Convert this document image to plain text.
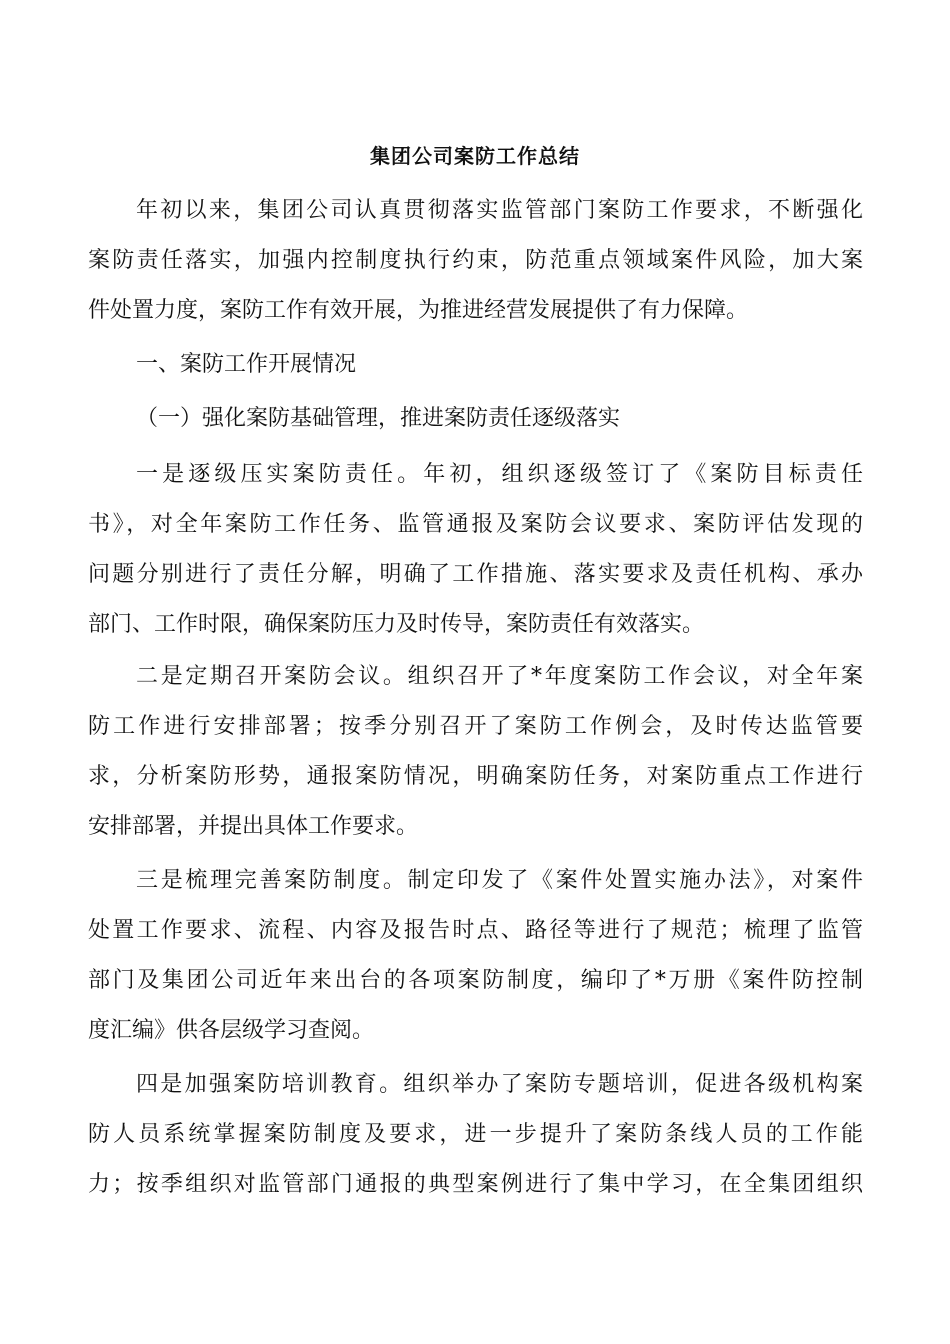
集团公司案防工作总结
年初以来，集团公司认真贯彻落实监管部门案防工作要求，不断强化
案防责任落实，加强内控制度执行约束，防范重点领域案件风险，加大案
件处置力度，案防工作有效开展，为推进经营发展提供了有力保障。
一、案防工作开展情况
（一）强化案防基础管理，推进案防责任逐级落实
一是逐级压实案防责任。年初，组织逐级签订了《案防目标责任
书》，对全年案防工作任务、监管通报及案防会议要求、案防评估发现的
问题分别进行了责任分解，明确了工作措施、落实要求及责任机构、承办
部门、工作时限，确保案防压力及时传导，案防责任有效落实。
二是定期召开案防会议。组织召开了*年度案防工作会议，对全年案
防工作进行安排部署；按季分别召开了案防工作例会，及时传达监管要
求，分析案防形势，通报案防情况，明确案防任务，对案防重点工作进行
安排部署，并提出具体工作要求。
三是梳理完善案防制度。制定印发了《案件处置实施办法》，对案件
处置工作要求、流程、内容及报告时点、路径等进行了规范；梳理了监管
部门及集团公司近年来出台的各项案防制度，编印了*万册《案件防控制
度汇编》供各层级学习查阅。
四是加强案防培训教育。组织举办了案防专题培训，促进各级机构案
防人员系统掌握案防制度及要求，进一步提升了案防条线人员的工作能
力；按季组织对监管部门通报的典型案例进行了集中学习，在全集团组织
